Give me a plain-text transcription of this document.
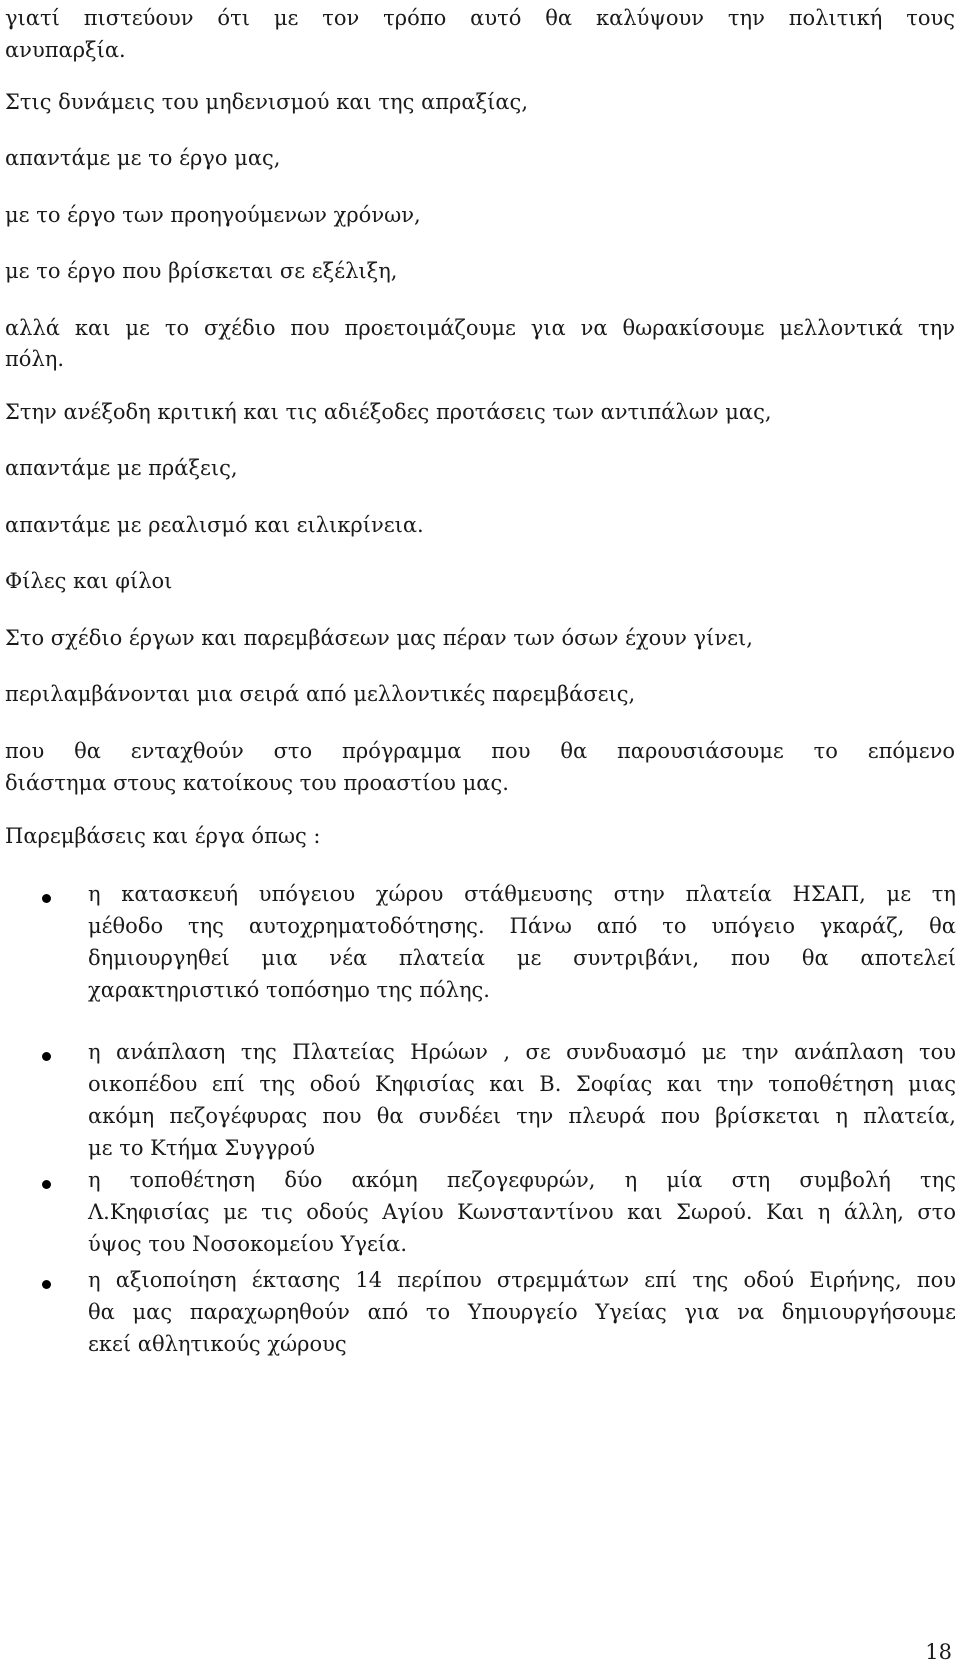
γιατί πιστεύουν ότι με τον τρόπο αυτό θα καλύψουν την πολιτική τους
ανυπαρξία.
Στις δυνάμεις του μηδενισμού και της απραξίας,
απαντάμε με το έργο μας,
με το έργο των προηγούμενων χρόνων,
με το έργο που βρίσκεται σε εξέλιξη,
αλλά και με το σχέδιο που προετοιμάζουμε για να θωρακίσουμε μελλοντικά την
πόλη.
Στην ανέξοδη κριτική και τις αδιέξοδες προτάσεις των αντιπάλων μας,
απαντάμε με πράξεις,
απαντάμε με ρεαλισμό και ειλικρίνεια.
Φίλες και φίλοι
Στο σχέδιο έργων και παρεμβάσεων μας πέραν των όσων έχουν γίνει,
περιλαμβάνονται μια σειρά από μελλοντικές παρεμβάσεις,
που θα ενταχθούν στο πρόγραμμα που θα παρουσιάσουμε το επόμενο
διάστημα στους κατοίκους του προαστίου μας.
Παρεμβάσεις και έργα όπως :
η κατασκευή υπόγειου χώρου στάθμευσης στην πλατεία ΗΣΑΠ, με τη
μέθοδο της αυτοχρηματοδότησης. Πάνω από το υπόγειο γκαράζ, θα
δημιουργηθεί μια νέα πλατεία με συντριβάνι, που θα αποτελεί
χαρακτηριστικό τοπόσημο της πόλης.
η ανάπλαση της Πλατείας Ηρώων , σε συνδυασμό με την ανάπλαση του
οικοπέδου επί της οδού Κηφισίας και Β. Σοφίας και την τοποθέτηση μιας
ακόμη πεζογέφυρας που θα συνδέει την πλευρά που βρίσκεται η πλατεία,
με το Κτήμα Συγγρού
η τοποθέτηση δύο ακόμη πεζογεφυρών, η μία στη συμβολή της
Λ.Κηφισίας με τις οδούς Αγίου Κωνσταντίνου και Σωρού. Και η άλλη, στο
ύψος του Νοσοκομείου Υγεία.
η αξιοποίηση έκτασης 14 περίπου στρεμμάτων επί της οδού Ειρήνης, που
θα μας παραχωρηθούν από το Υπουργείο Υγείας για να δημιουργήσουμε
εκεί αθλητικούς χώρους
18
